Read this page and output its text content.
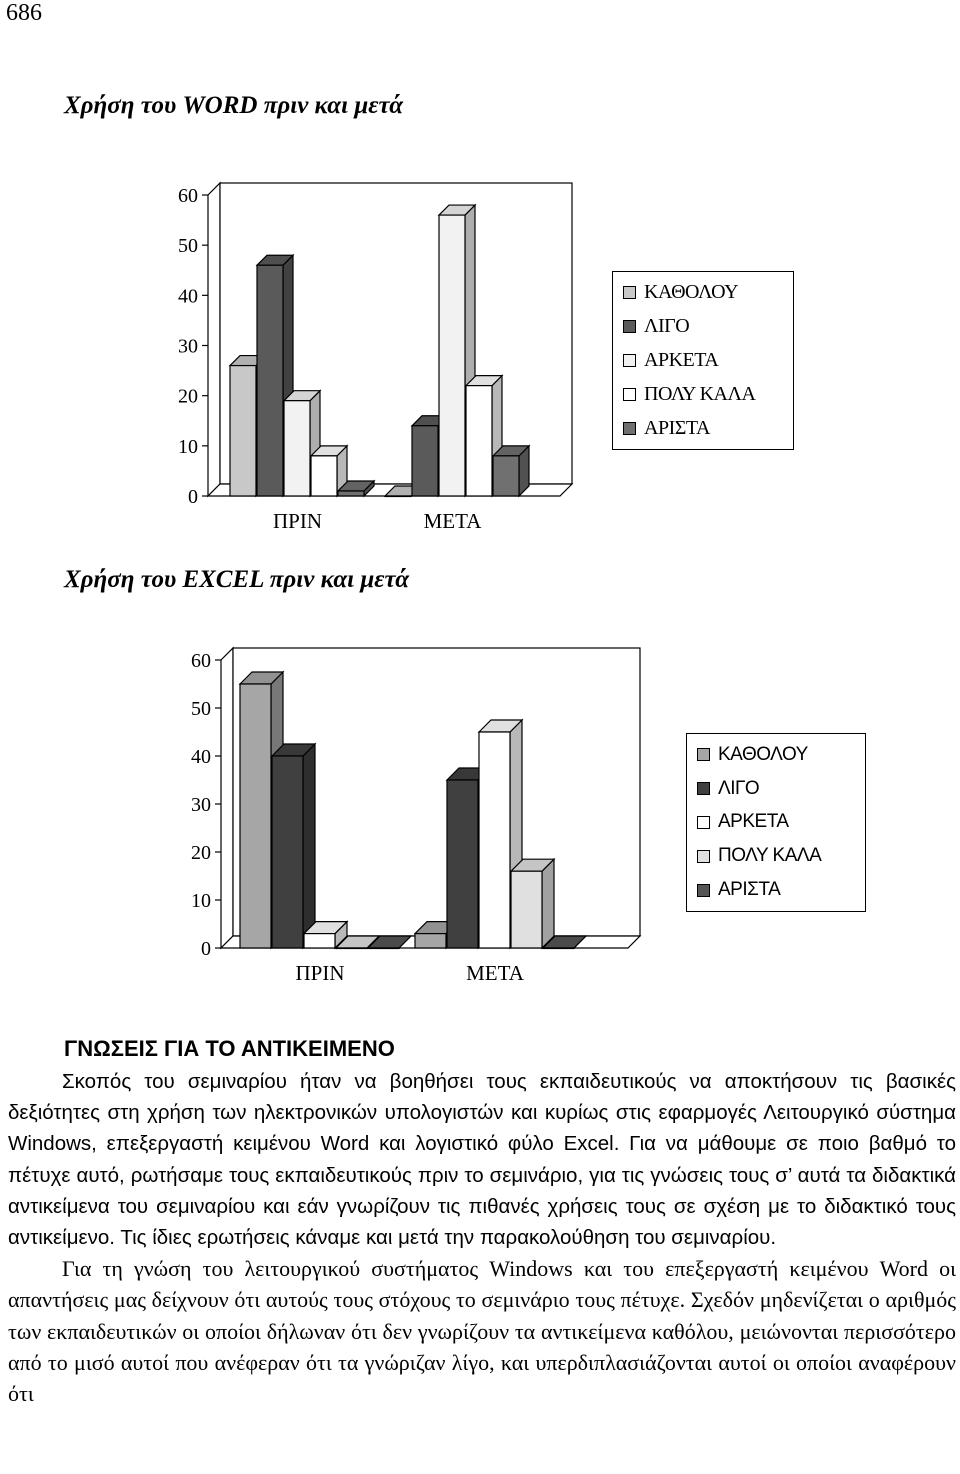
686
Χρήση του WORD πριν και μετά
0
10
20
30
40
50
60
ΠΡΙΝ	ΜΕΤΑ
ΚΑΘΟΛΟΥ
ΛΙΓΟ
ΑΡΚΕΤΑ
ΠΟΛΥ ΚΑΛΑ
ΑΡΙΣΤΑ
Χρήση του EXCEL πριν και μετά
0
10
20
30
40
50
60
ΠΡΙΝ	ΜΕΤΑ
ΚΑΘΟΛΟΥ
ΛΙΓΟ
ΑΡΚΕΤΑ
ΠΟΛΥ ΚΑΛΑ
ΑΡΙΣΤΑ
ΓΝΩΣΕΙΣ ΓΙΑ ΤΟ ΑΝΤΙΚΕΙΜΕΝΟ

Σκοπός του σεμιναρίου ήταν να βοηθήσει τους εκπαιδευτικούς να αποκτήσουν τις βασικές δεξιότητες στη χρήση των ηλεκτρονικών υπολογιστών και κυρίως στις εφαρμογές Λειτουργικό σύστημα Windows, επεξεργαστή κειμένου Word και λογιστικό φύλο Excel. Για να μάθουμε σε ποιο βαθμό το πέτυχε αυτό, ρωτήσαμε τους εκπαιδευτικούς πριν το σεμινάριο, για τις γνώσεις τους σ’ αυτά τα διδακτικά αντικείμενα του σεμιναρίου και εάν γνωρίζουν τις πιθανές χρήσεις τους σε σχέση με το διδακτικό τους αντικείμενο. Τις ίδιες ερωτήσεις κάναμε και μετά την παρακολούθηση του σεμιναρίου.

Για τη γνώση του λειτουργικού συστήματος Windows και του επεξεργαστή κειμένου Word οι απαντήσεις μας δείχνουν ότι αυτούς τους στόχους το σεμινάριο τους πέτυχε. Σχεδόν μηδενίζεται ο αριθμός των εκπαιδευτικών οι οποίοι δήλωναν ότι δεν γνωρίζουν τα αντικείμενα καθόλου, μειώνονται περισσότερο από το μισό αυτοί που ανέφεραν ότι τα γνώριζαν λίγο, και υπερδιπλασιάζονται αυτοί οι οποίοι αναφέρουν ότι
